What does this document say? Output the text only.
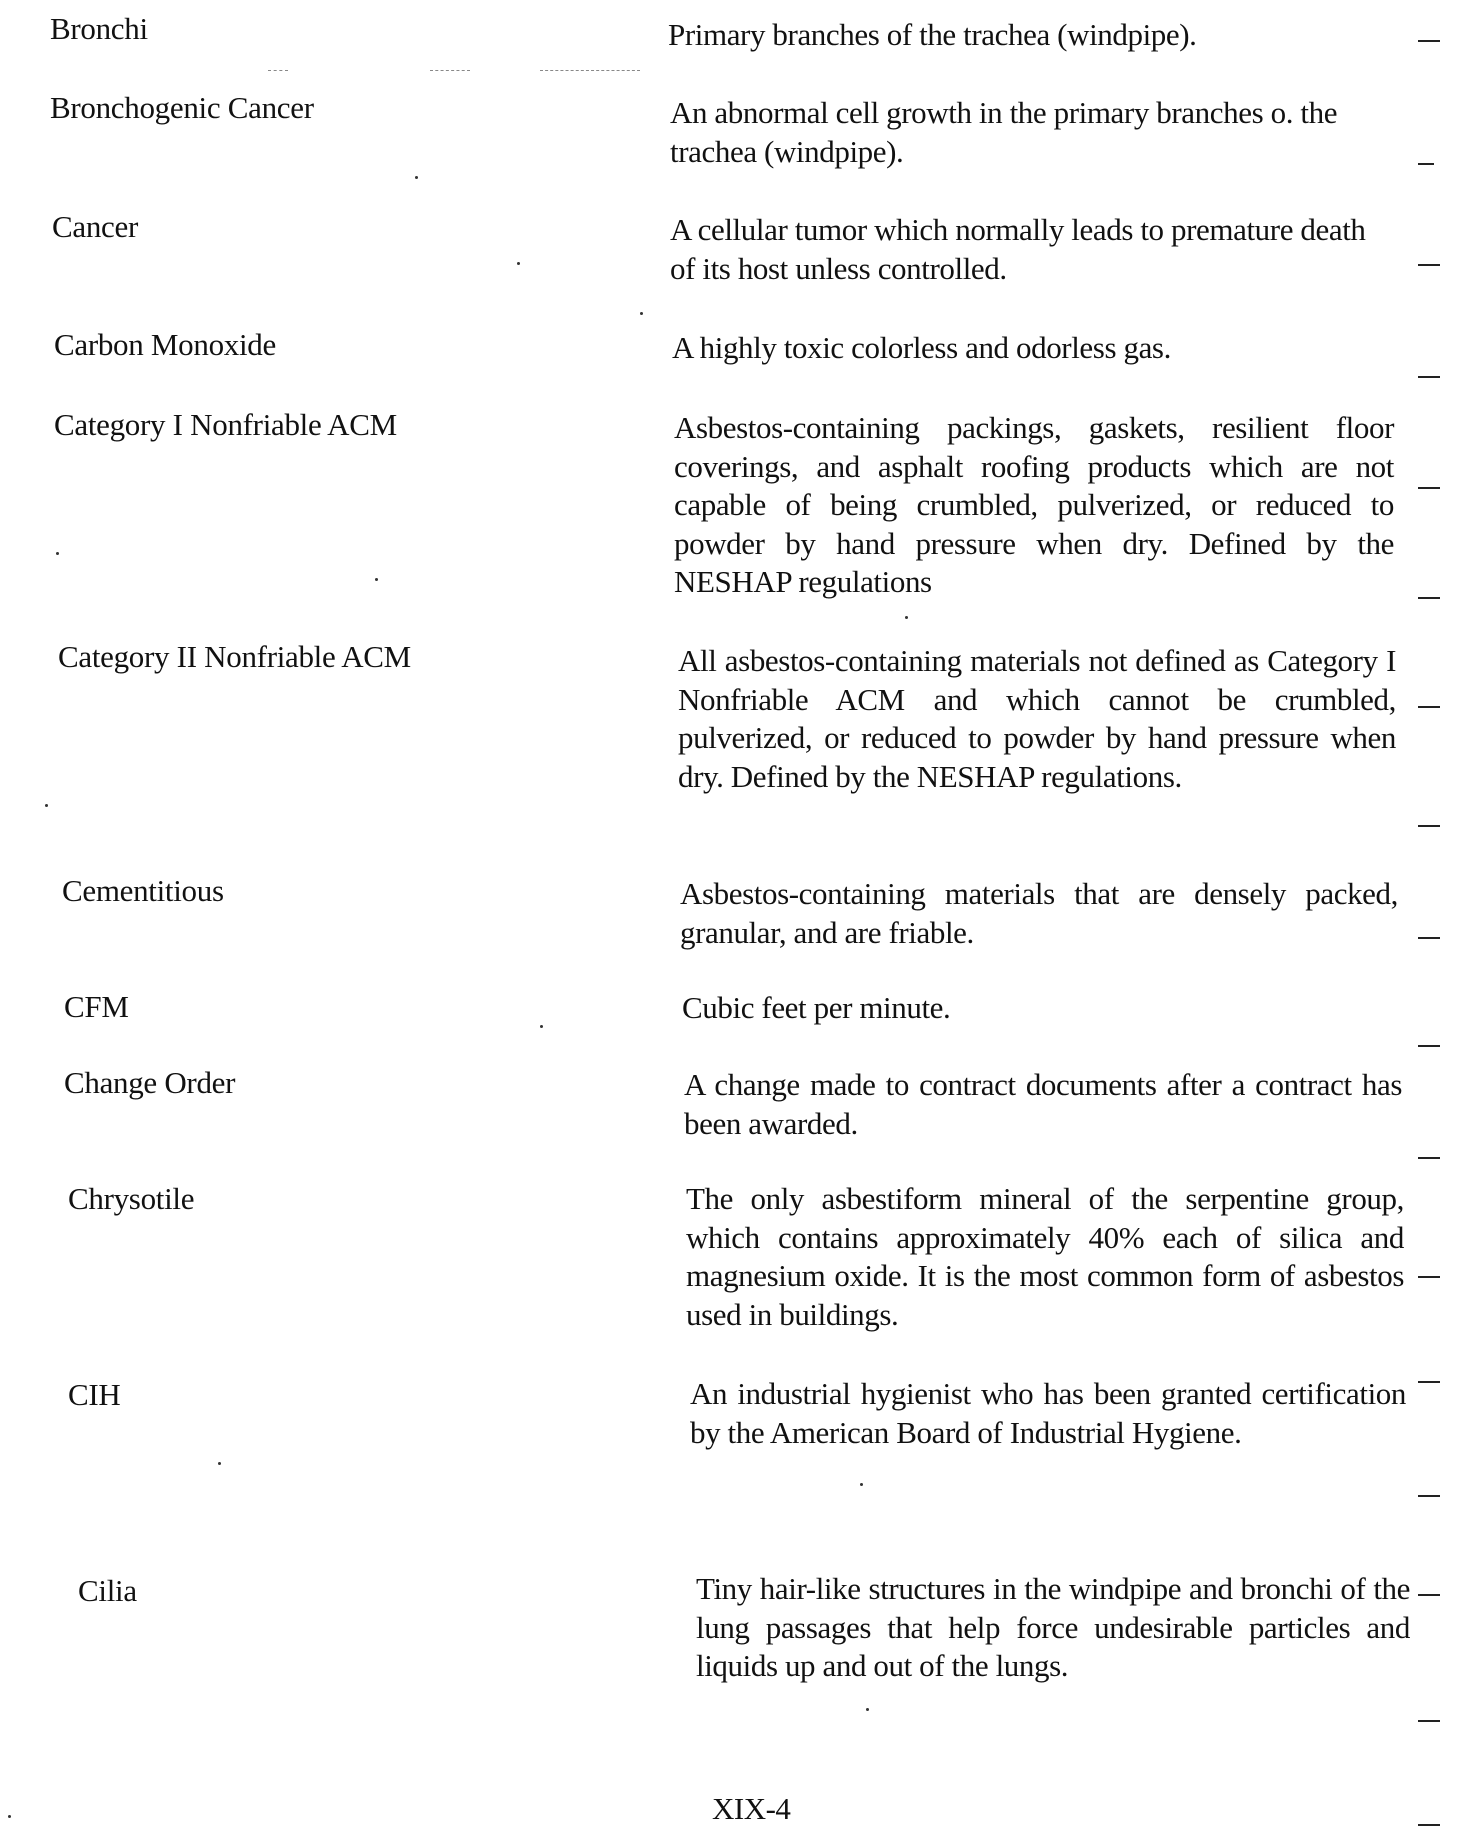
Bronchi	Primary branches of the trachea (windpipe).
Bronchogenic Cancer	An abnormal cell growth in the primary branches o. the trachea (windpipe).
Cancer	A cellular tumor which normally leads to premature death of its host unless controlled.
Carbon Monoxide	A highly toxic colorless and odorless gas.
Category I Nonfriable ACM	Asbestos-containing packings, gaskets, resilient floor coverings, and asphalt roofing products which are not capable of being crumbled, pulverized, or reduced to powder by hand pressure when dry. Defined by the NESHAP regulations
Category II Nonfriable ACM	All asbestos-containing materials not defined as Category I Nonfriable ACM and which cannot be crumbled, pulverized, or reduced to powder by hand pressure when dry. Defined by the NESHAP regulations.
Cementitious	Asbestos-containing materials that are densely packed, granular, and are friable.
CFM	Cubic feet per minute.
Change Order	A change made to contract documents after a contract has been awarded.
Chrysotile	The only asbestiform mineral of the serpentine group, which contains approximately 40% each of silica and magnesium oxide. It is the most common form of asbestos used in buildings.
CIH	An industrial hygienist who has been granted certification by the American Board of Industrial Hygiene.
Cilia	Tiny hair-like structures in the windpipe and bronchi of the lung passages that help force undesirable particles and liquids up and out of the lungs.
XIX-4
